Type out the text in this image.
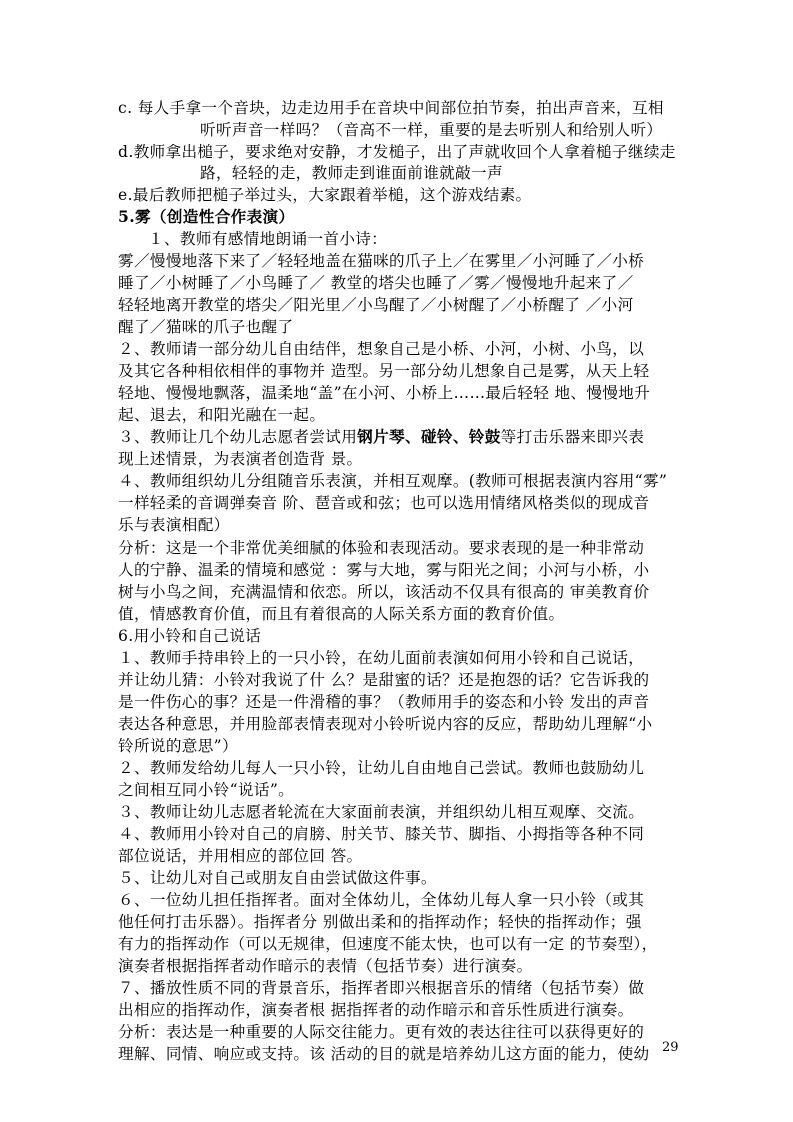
c. 每人手拿一个音块，边走边用手在音块中间部位拍节奏，拍出声音来，互相
听听声音一样吗？（音高不一样，重要的是去听别人和给别人听）
d.教师拿出槌子，要求绝对安静，才发槌子，出了声就收回个人拿着槌子继续走
路，轻轻的走，教师走到谁面前谁就敲一声
e.最后教师把槌子举过头，大家跟着举槌，这个游戏结素。
5.雾（创造性合作表演）
１、教师有感情地朗诵一首小诗：
雾／慢慢地落下来了／轻轻地盖在猫咪的爪子上／在雾里／小河睡了／小桥
睡了／小树睡了／小鸟睡了／ 教堂的塔尖也睡了／雾／慢慢地升起来了／
轻轻地离开教堂的塔尖／阳光里／小鸟醒了／小树醒了／小桥醒了 ／小河
醒了／猫咪的爪子也醒了
２、教师请一部分幼儿自由结伴，想象自己是小桥、小河，小树、小鸟，以
及其它各种相依相伴的事物并 造型。另一部分幼儿想象自己是雾，从天上轻
轻地、慢慢地飘落，温柔地“盖”在小河、小桥上……最后轻轻 地、慢慢地升
起、退去，和阳光融在一起。
３、教师让几个幼儿志愿者尝试用钢片琴、碰铃、铃鼓等打击乐器来即兴表
现上述情景，为表演者创造背 景。
４、教师组织幼儿分组随音乐表演，并相互观摩。(教师可根据表演内容用“雾”
一样轻柔的音调弹奏音 阶、琶音或和弦；也可以选用情绪风格类似的现成音
乐与表演相配）
分析：这是一个非常优美细腻的体验和表现活动。要求表现的是一种非常动
人的宁静、温柔的情境和感觉 ：雾与大地，雾与阳光之间；小河与小桥，小
树与小鸟之间，充满温情和依恋。所以，该活动不仅具有很高的 审美教育价
值，情感教育价值，而且有着很高的人际关系方面的教育价值。
6.用小铃和自己说话
１、教师手持串铃上的一只小铃，在幼儿面前表演如何用小铃和自己说话，
并让幼儿猜：小铃对我说了什 么？是甜蜜的话？还是抱怨的话？它告诉我的
是一件伤心的事？还是一件滑稽的事？（教师用手的姿态和小铃 发出的声音
表达各种意思，并用脸部表情表现对小铃听说内容的反应，帮助幼儿理解“小
铃所说的意思”）
２、教师发给幼儿每人一只小铃，让幼儿自由地自己尝试。教师也鼓励幼儿
之间相互同小铃“说话”。
３、教师让幼儿志愿者轮流在大家面前表演，并组织幼儿相互观摩、交流。
４、教师用小铃对自己的肩膀、肘关节、膝关节、脚指、小拇指等各种不同
部位说话，并用相应的部位回 答。
５、让幼儿对自己或朋友自由尝试做这件事。
６、一位幼儿担任指挥者。面对全体幼儿，全体幼儿每人拿一只小铃（或其
他任何打击乐器）。指挥者分 别做出柔和的指挥动作；轻快的指挥动作；强
有力的指挥动作（可以无规律，但速度不能太快，也可以有一定 的节奏型），
演奏者根据指挥者动作暗示的表情（包括节奏）进行演奏。
７、播放性质不同的背景音乐，指挥者即兴根据音乐的情绪（包括节奏）做
出相应的指挥动作，演奏者根 据指挥者的动作暗示和音乐性质进行演奏。
分析：表达是一种重要的人际交往能力。更有效的表达往往可以获得更好的
理解、同情、响应或支持。该 活动的目的就是培养幼儿这方面的能力，使幼 29
